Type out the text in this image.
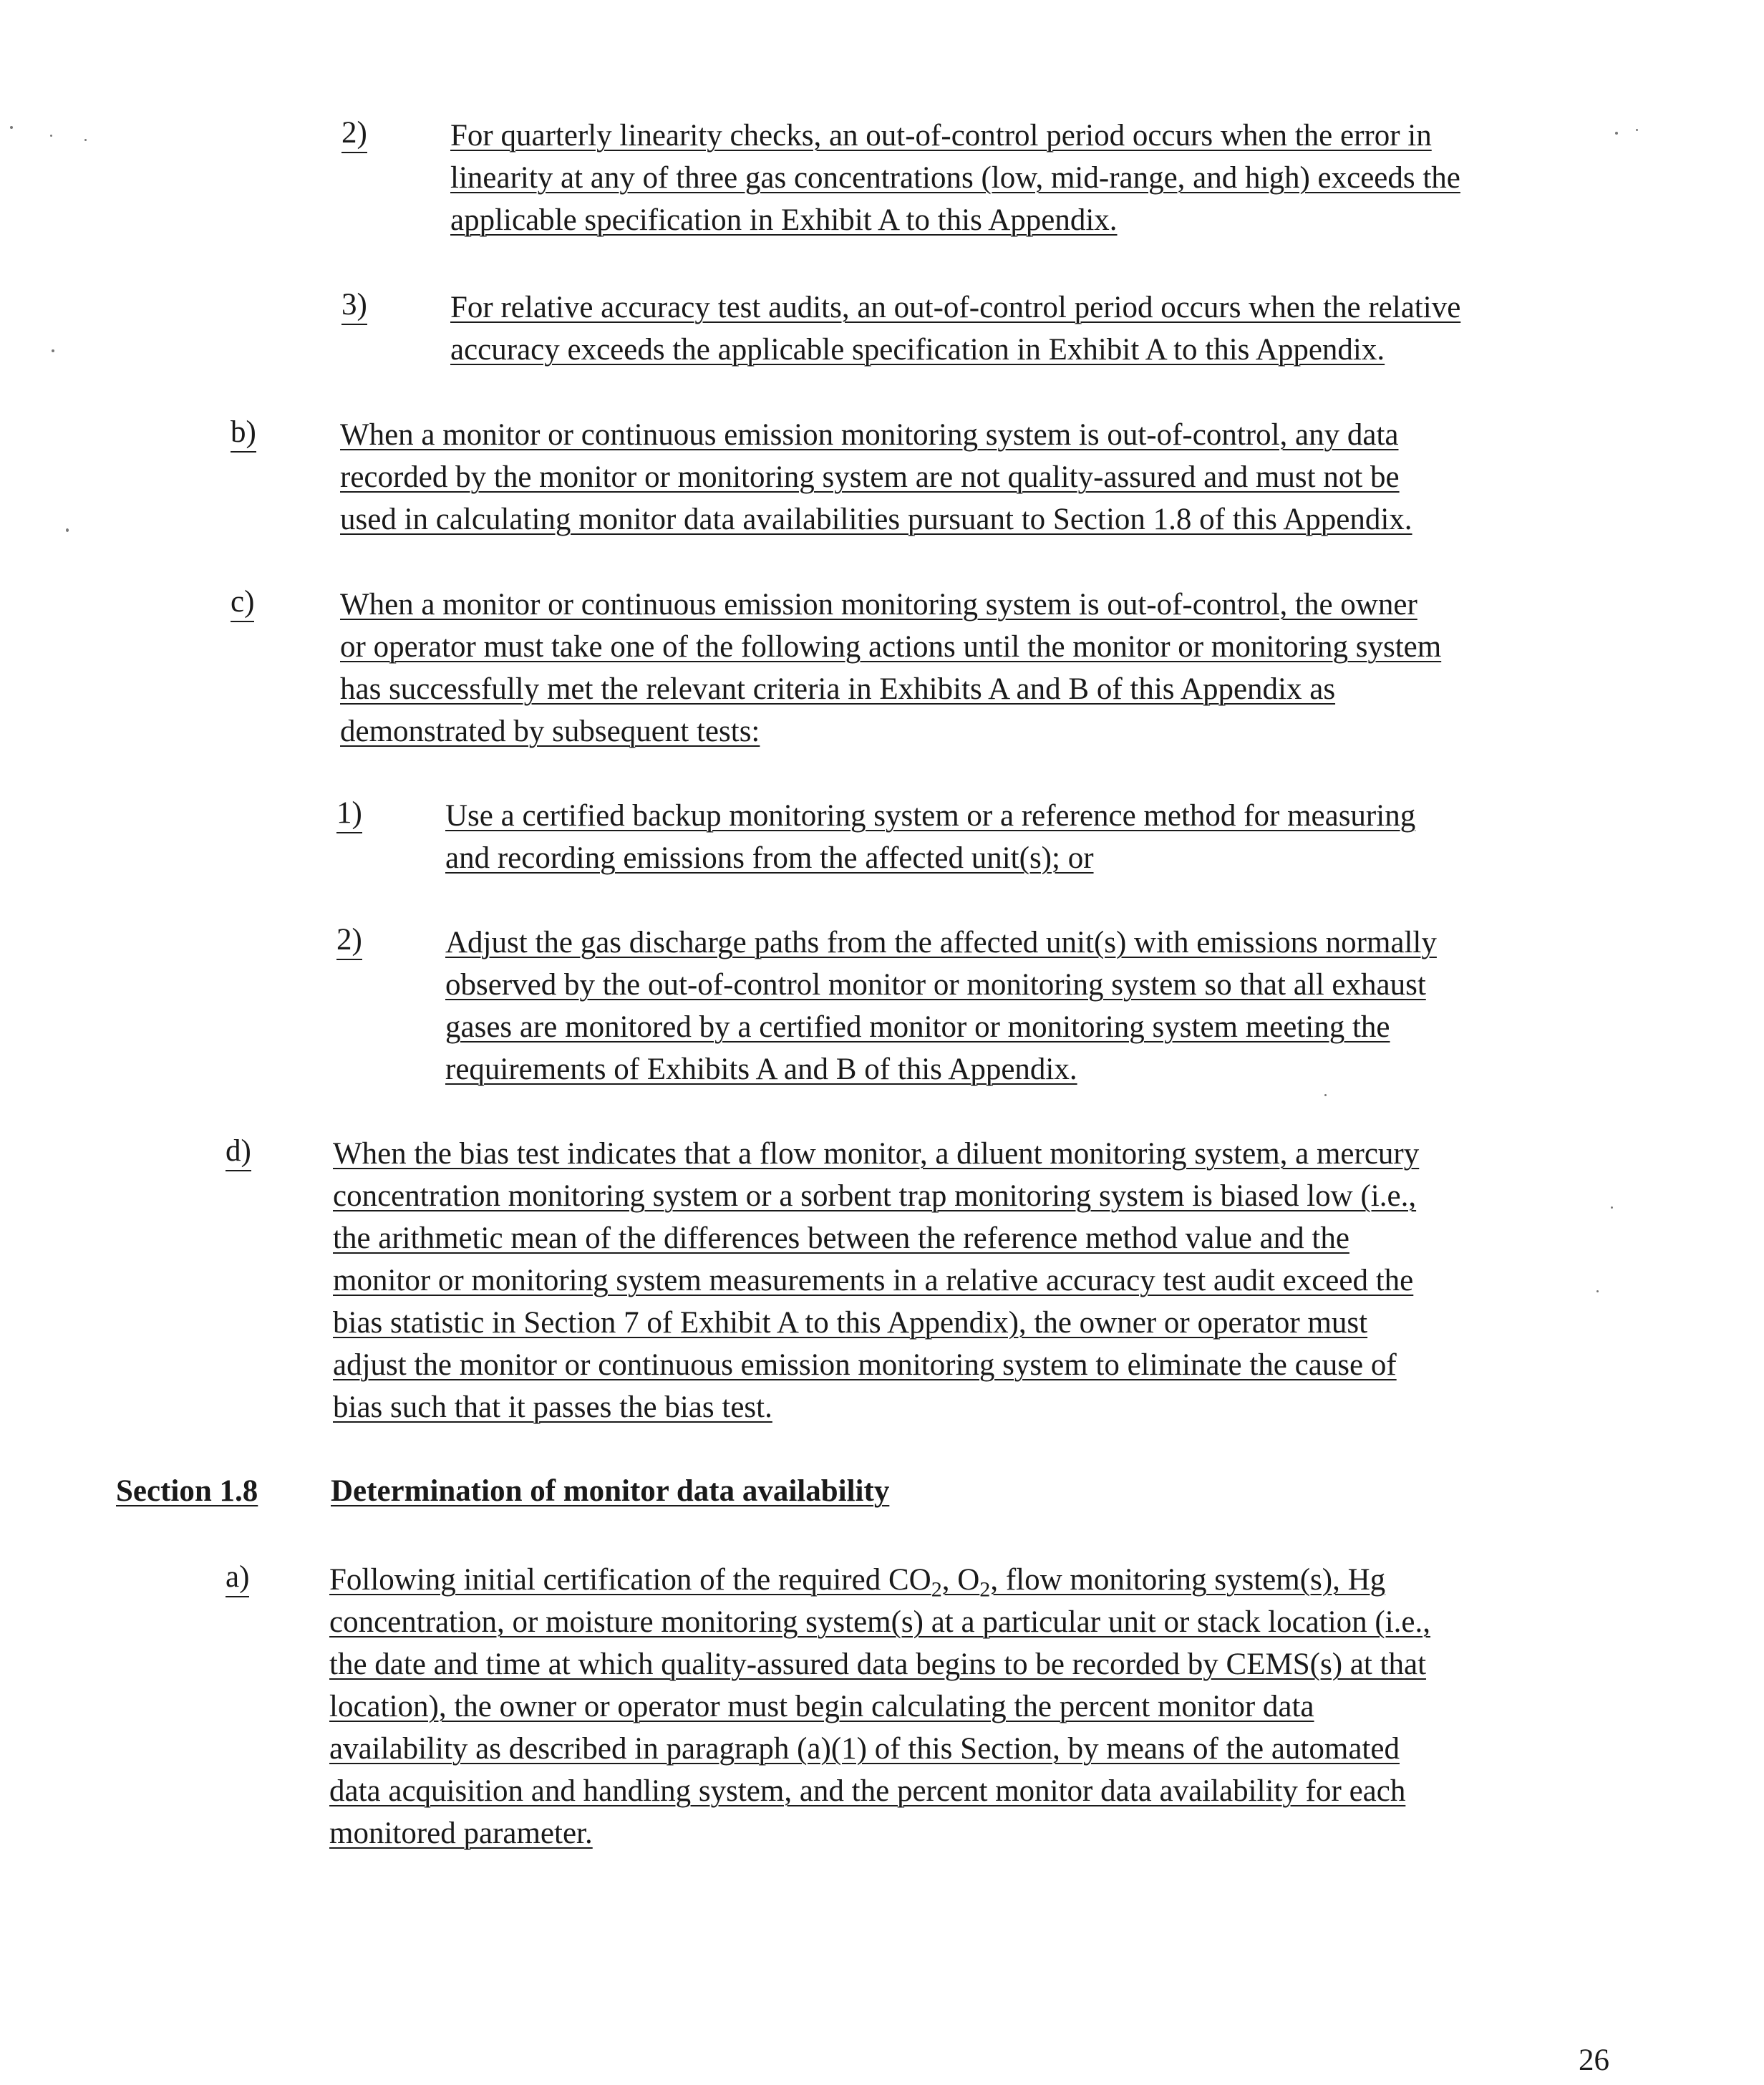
2)	For quarterly linearity checks, an out-of-control period occurs when the error in
linearity at any of three gas concentrations (low, mid-range, and high) exceeds the
applicable specification in Exhibit A to this Appendix.
3)	For relative accuracy test audits, an out-of-control period occurs when the relative
accuracy exceeds the applicable specification in Exhibit A to this Appendix.
b)	When a monitor or continuous emission monitoring system is out-of-control, any data
recorded by the monitor or monitoring system are not quality-assured and must not be
used in calculating monitor data availabilities pursuant to Section 1.8 of this Appendix.
c)	When a monitor or continuous emission monitoring system is out-of-control, the owner
or operator must take one of the following actions until the monitor or monitoring system
has successfully met the relevant criteria in Exhibits A and B of this Appendix as
demonstrated by subsequent tests:
1)	Use a certified backup monitoring system or a reference method for measuring
and recording emissions from the affected unit(s); or
2)	Adjust the gas discharge paths from the affected unit(s) with emissions normally
observed by the out-of-control monitor or monitoring system so that all exhaust
gases are monitored by a certified monitor or monitoring system meeting the
requirements of Exhibits A and B of this Appendix.
d)	When the bias test indicates that a flow monitor, a diluent monitoring system, a mercury
concentration monitoring system or a sorbent trap monitoring system is biased low (i.e.,
the arithmetic mean of the differences between the reference method value and the
monitor or monitoring system measurements in a relative accuracy test audit exceed the
bias statistic in Section 7 of Exhibit A to this Appendix), the owner or operator must
adjust the monitor or continuous emission monitoring system to eliminate the cause of
bias such that it passes the bias test.
Section 1.8 Determination of monitor data availability
a)	Following initial certification of the required $CO_2$, $O_2$, flow monitoring system(s), Hg
concentration, or moisture monitoring system(s) at a particular unit or stack location (i.e.,
the date and time at which quality-assured data begins to be recorded by CEMS(s) at that
location), the owner or operator must begin calculating the percent monitor data
availability as described in paragraph (a)(1) of this Section, by means of the automated
data acquisition and handling system, and the percent monitor data availability for each
monitored parameter.
26
